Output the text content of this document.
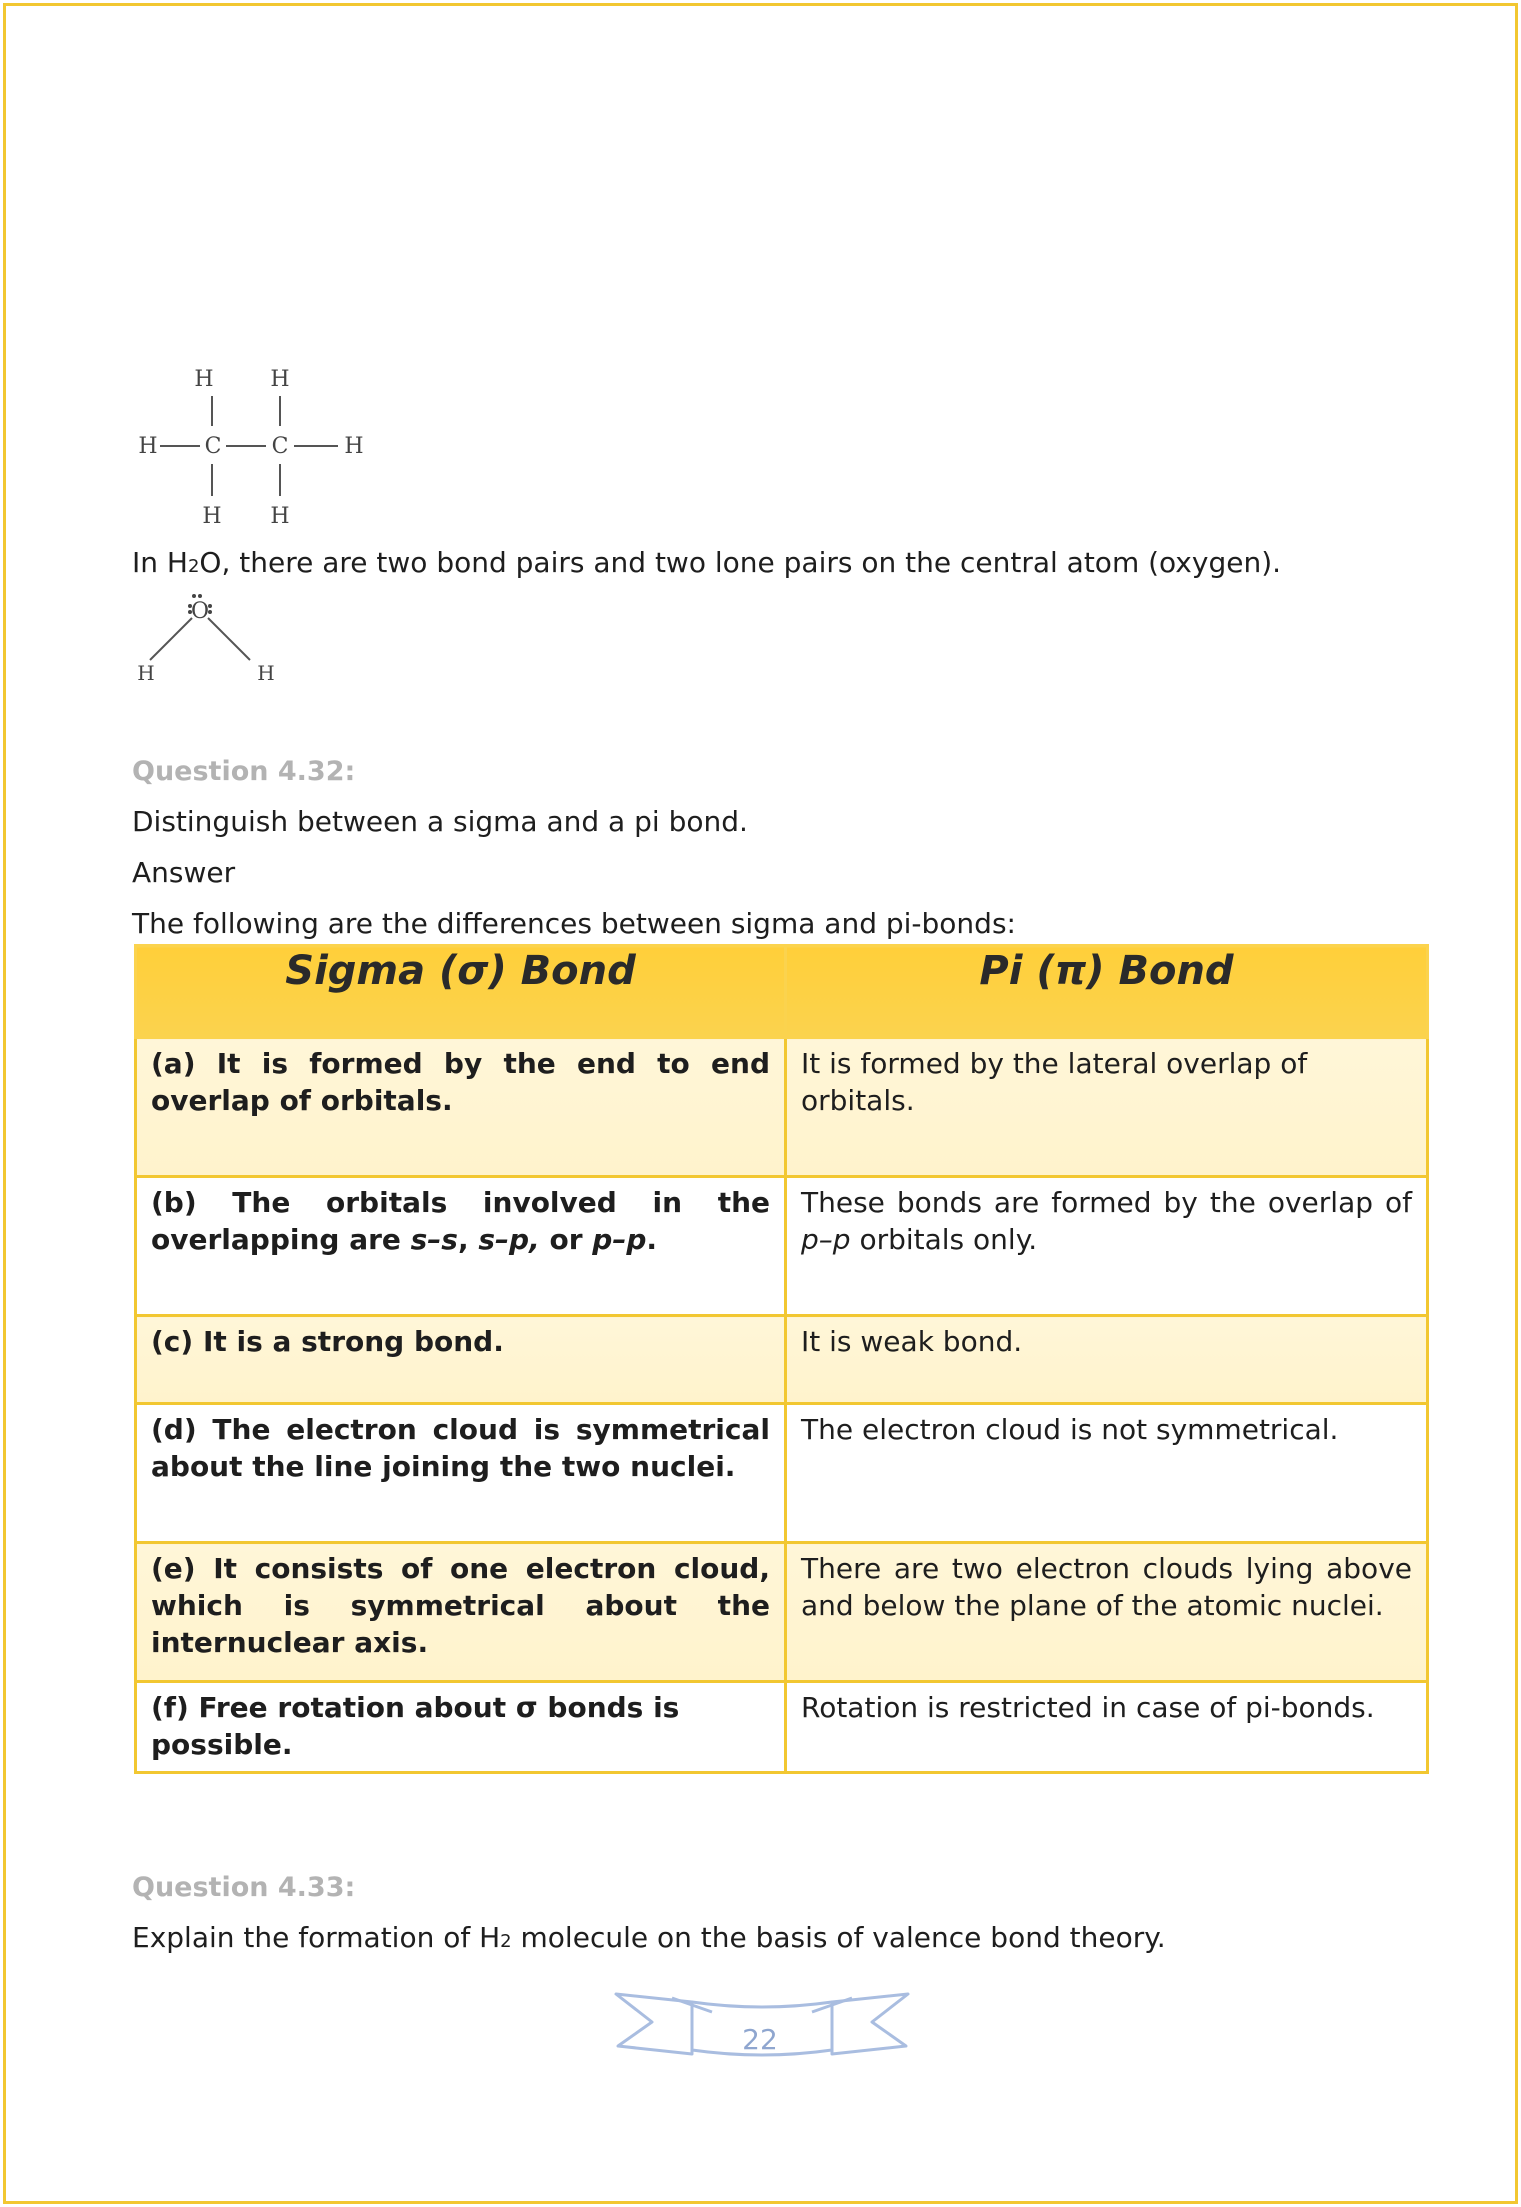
H	H
H C C	H
H H
In H2O, there are two bond pairs and two lone pairs on the central atom (oxygen).
O
H	H
Question 4.32:
Distinguish between a sigma and a pi bond.
Answer
The following are the differences between sigma and pi-bonds:
Sigma (σ) Bond	Pi (π) Bond
(a) It is formed by the end to end overlap of orbitals.	It is formed by the lateral overlap of orbitals.
(b) The orbitals involved in the overlapping are s–s, s–p, or p–p.	These bonds are formed by the overlap of p–p orbitals only.
(c) It is a strong bond.	It is weak bond.
(d) The electron cloud is symmetrical about the line joining the two nuclei.	The electron cloud is not symmetrical.
(e) It consists of one electron cloud, which is symmetrical about the internuclear axis.	There are two electron clouds lying above and below the plane of the atomic nuclei.
(f) Free rotation about σ bonds is possible.	Rotation is restricted in case of pi-bonds.
Question 4.33:
Explain the formation of H2 molecule on the basis of valence bond theory.
22
